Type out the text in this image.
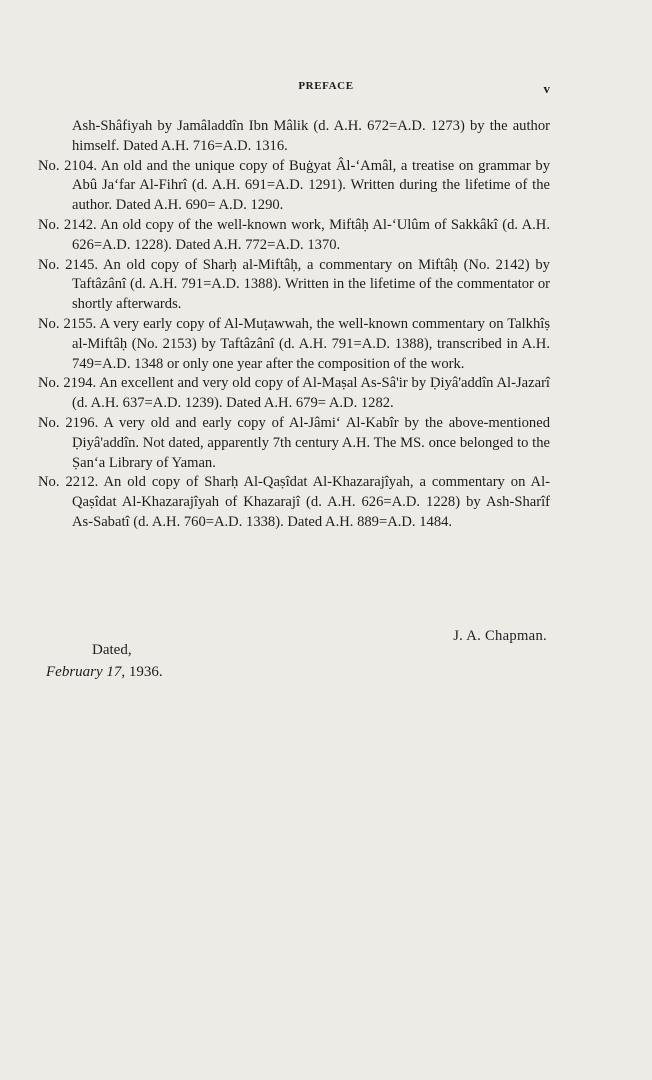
PREFACE	v

Ash-Shâfiyah by Jamâladdîn Ibn Mâlik (d. A.H. 672=A.D. 1273) by the author himself. Dated A.H. 716=A.D. 1316.

No. 2104. An old and the unique copy of Buġyat Âl-‘Amâl, a treatise on grammar by Abû Ja‘far Al-Fihrî (d. A.H. 691=A.D. 1291). Written during the lifetime of the author. Dated A.H. 690= A.D. 1290.

No. 2142. An old copy of the well-known work, Miftâḥ Al-‘Ulûm of Sakkâkî (d. A.H. 626=A.D. 1228). Dated A.H. 772=A.D. 1370.

No. 2145. An old copy of Sharḥ al-Miftâḥ, a commentary on Miftâḥ (No. 2142) by Taftâzânî (d. A.H. 791=A.D. 1388). Written in the lifetime of the commentator or shortly afterwards.

No. 2155. A very early copy of Al-Muṭawwah, the well-known commentary on Talkhîṣ al-Miftâḥ (No. 2153) by Taftâzânî (d. A.H. 791=A.D. 1388), transcribed in A.H. 749=A.D. 1348 or only one year after the composition of the work.

No. 2194. An excellent and very old copy of Al-Maṣal As-Sâ'ir by Ḍiyâ'addîn Al-Jazarî (d. A.H. 637=A.D. 1239). Dated A.H. 679= A.D. 1282.

No. 2196. A very old and early copy of Al-Jâmi‘ Al-Kabîr by the above-mentioned Ḍiyâ'addîn. Not dated, apparently 7th century A.H. The MS. once belonged to the Ṣan‘a Library of Yaman.

No. 2212. An old copy of Sharḥ Al-Qaṣîdat Al-Khazarajîyah, a commentary on Al-Qaṣîdat Al-Khazarajîyah of Khazarajî (d. A.H. 626=A.D. 1228) by Ash-Sharîf As-Sabatî (d. A.H. 760=A.D. 1338). Dated A.H. 889=A.D. 1484.

J. A. Chapman.
Dated,
February 17, 1936.
